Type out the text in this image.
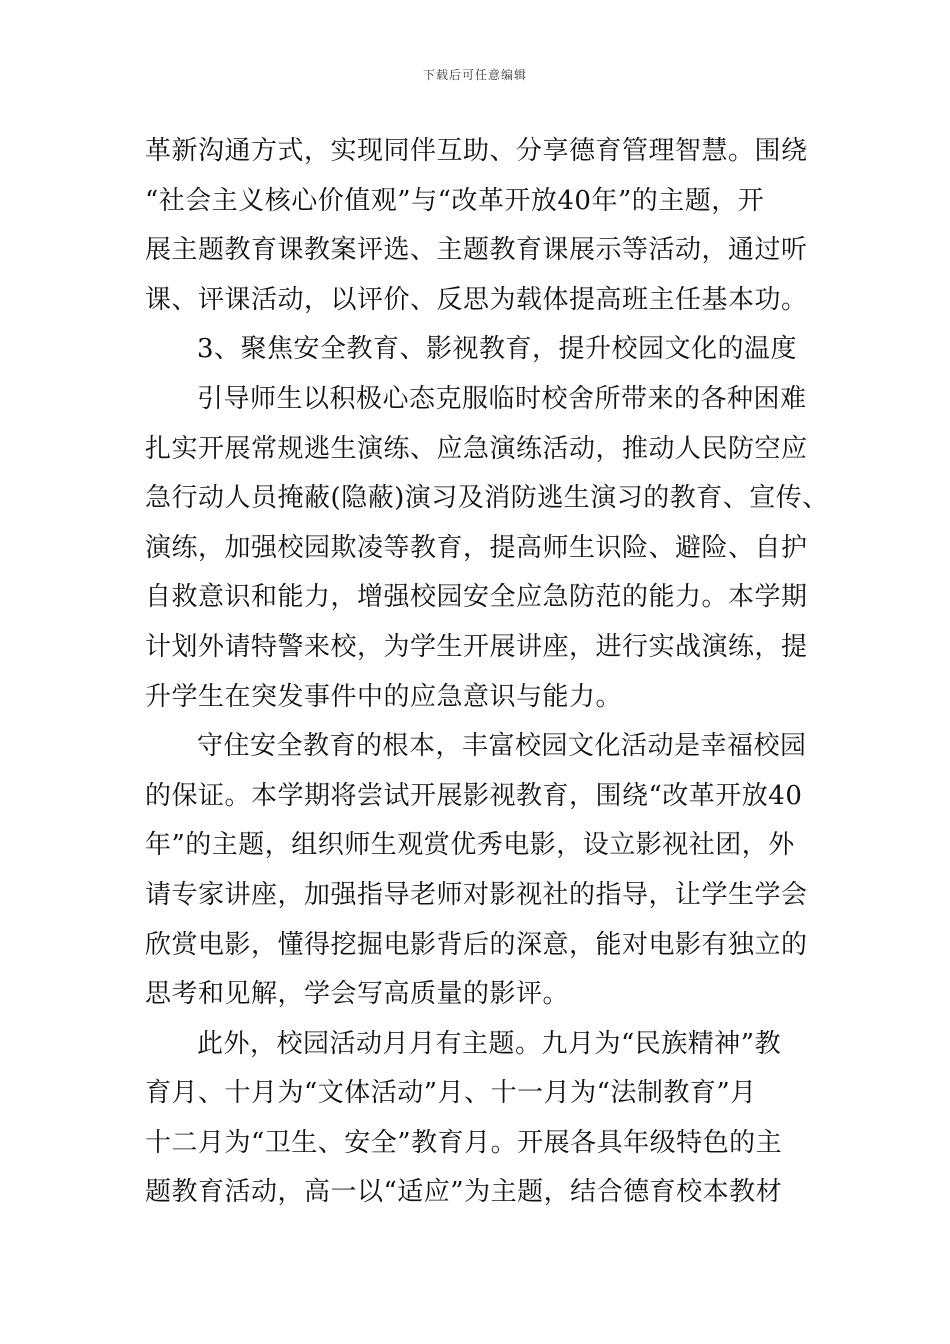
下载后可任意编辑
革新沟通方式，实现同伴互助、分享德育管理智慧。围绕
“社会主义核心价值观”与“改革开放40年”的主题，开
展主题教育课教案评选、主题教育课展示等活动，通过听
课、评课活动，以评价、反思为载体提高班主任基本功。
3、聚焦安全教育、影视教育，提升校园文化的温度
引导师生以积极心态克服临时校舍所带来的各种困难
扎实开展常规逃生演练、应急演练活动，推动人民防空应
急行动人员掩蔽(隐蔽)演习及消防逃生演习的教育、宣传、
演练，加强校园欺凌等教育，提高师生识险、避险、自护
自救意识和能力，增强校园安全应急防范的能力。本学期
计划外请特警来校，为学生开展讲座，进行实战演练，提
升学生在突发事件中的应急意识与能力。
守住安全教育的根本，丰富校园文化活动是幸福校园
的保证。本学期将尝试开展影视教育，围绕“改革开放40
年”的主题，组织师生观赏优秀电影，设立影视社团，外
请专家讲座，加强指导老师对影视社的指导，让学生学会
欣赏电影，懂得挖掘电影背后的深意，能对电影有独立的
思考和见解，学会写高质量的影评。
此外，校园活动月月有主题。九月为“民族精神”教
育月、十月为“文体活动”月、十一月为“法制教育”月
十二月为“卫生、安全”教育月。开展各具年级特色的主
题教育活动，高一以“适应”为主题，结合德育校本教材
